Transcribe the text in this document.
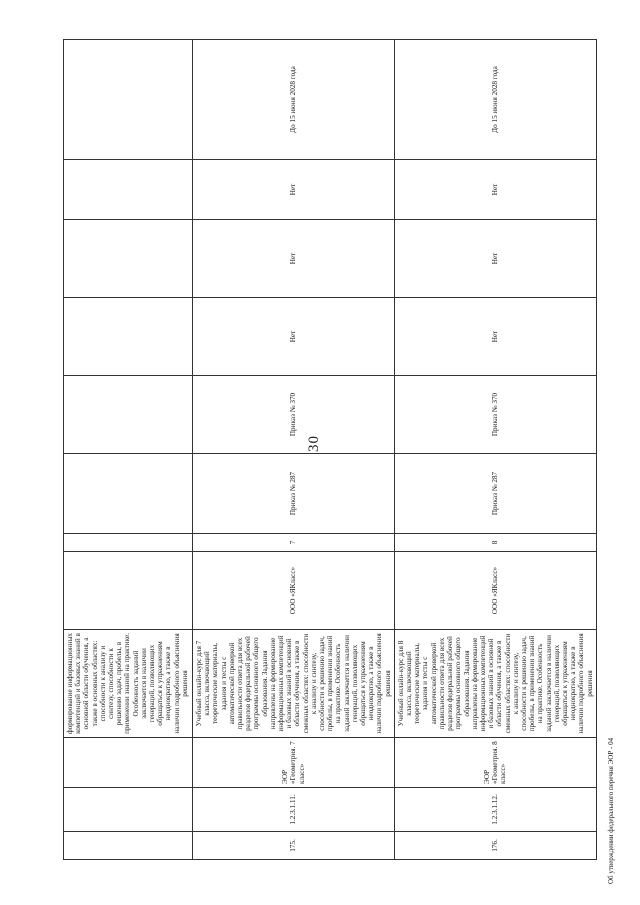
30
			формирование информационных компетенций и базовых знаний в основной области обучения, а также в основных областях: способности к анализу и синтезу, способности к решению задач, пробелы, в применении знаний на практике. Особенность заданий заключается в наличии генераций, позволяющих обращаться к упражнениям неоднократно, а также в наличии подробного объяснения решения								
175.	1.2.3.1.11.	ЭОР «Геометрия. 7 класс»	Учебный онлайн-курс для 7 класса, включающий теоретические материалы, задания и тесты с автоматической проверкой правильности ответа для всех разделов федеральной рабочей программы основного общего образования. Задания направлены на формирование информационных компетенций и базовых знаний в основной области обучения, а также в смежных областях: способности к анализу и синтезу, способности к решению задач, пробелы, в применении знаний на практике. Особенность заданий заключается в наличии генераций, позволяющих обращаться к упражнениям неоднократно, а также в наличии подробного объяснения решения	ООО «ЯКласс»	7	Приказ № 287	Приказ № 370	Нет	Нет	Нет	До 15 июня 2028 года
176.	1.2.3.1.12.	ЭОР «Геометрия. 8 класс»	Учебный онлайн-курс для 8 класса, включающий теоретические материалы, задания и тесты с автоматической проверкой правильности ответа для всех разделов федеральной рабочей программы основного общего образования. Задания направлены на формирование информационных компетенций и базовых знаний в основной области обучения, а также в смежных областях: способности к анализу и синтезу, способности к решению задач, пробелы, в применении знаний на практике. Особенность заданий заключается в наличии генераций, позволяющих обращаться к упражнениям неоднократно, а также в наличии подробного объяснения решения	ООО «ЯКласс»	8	Приказ № 287	Приказ № 370	Нет	Нет	Нет	До 15 июня 2028 года
Об утверждении федерального перечня ЭОР - 04
